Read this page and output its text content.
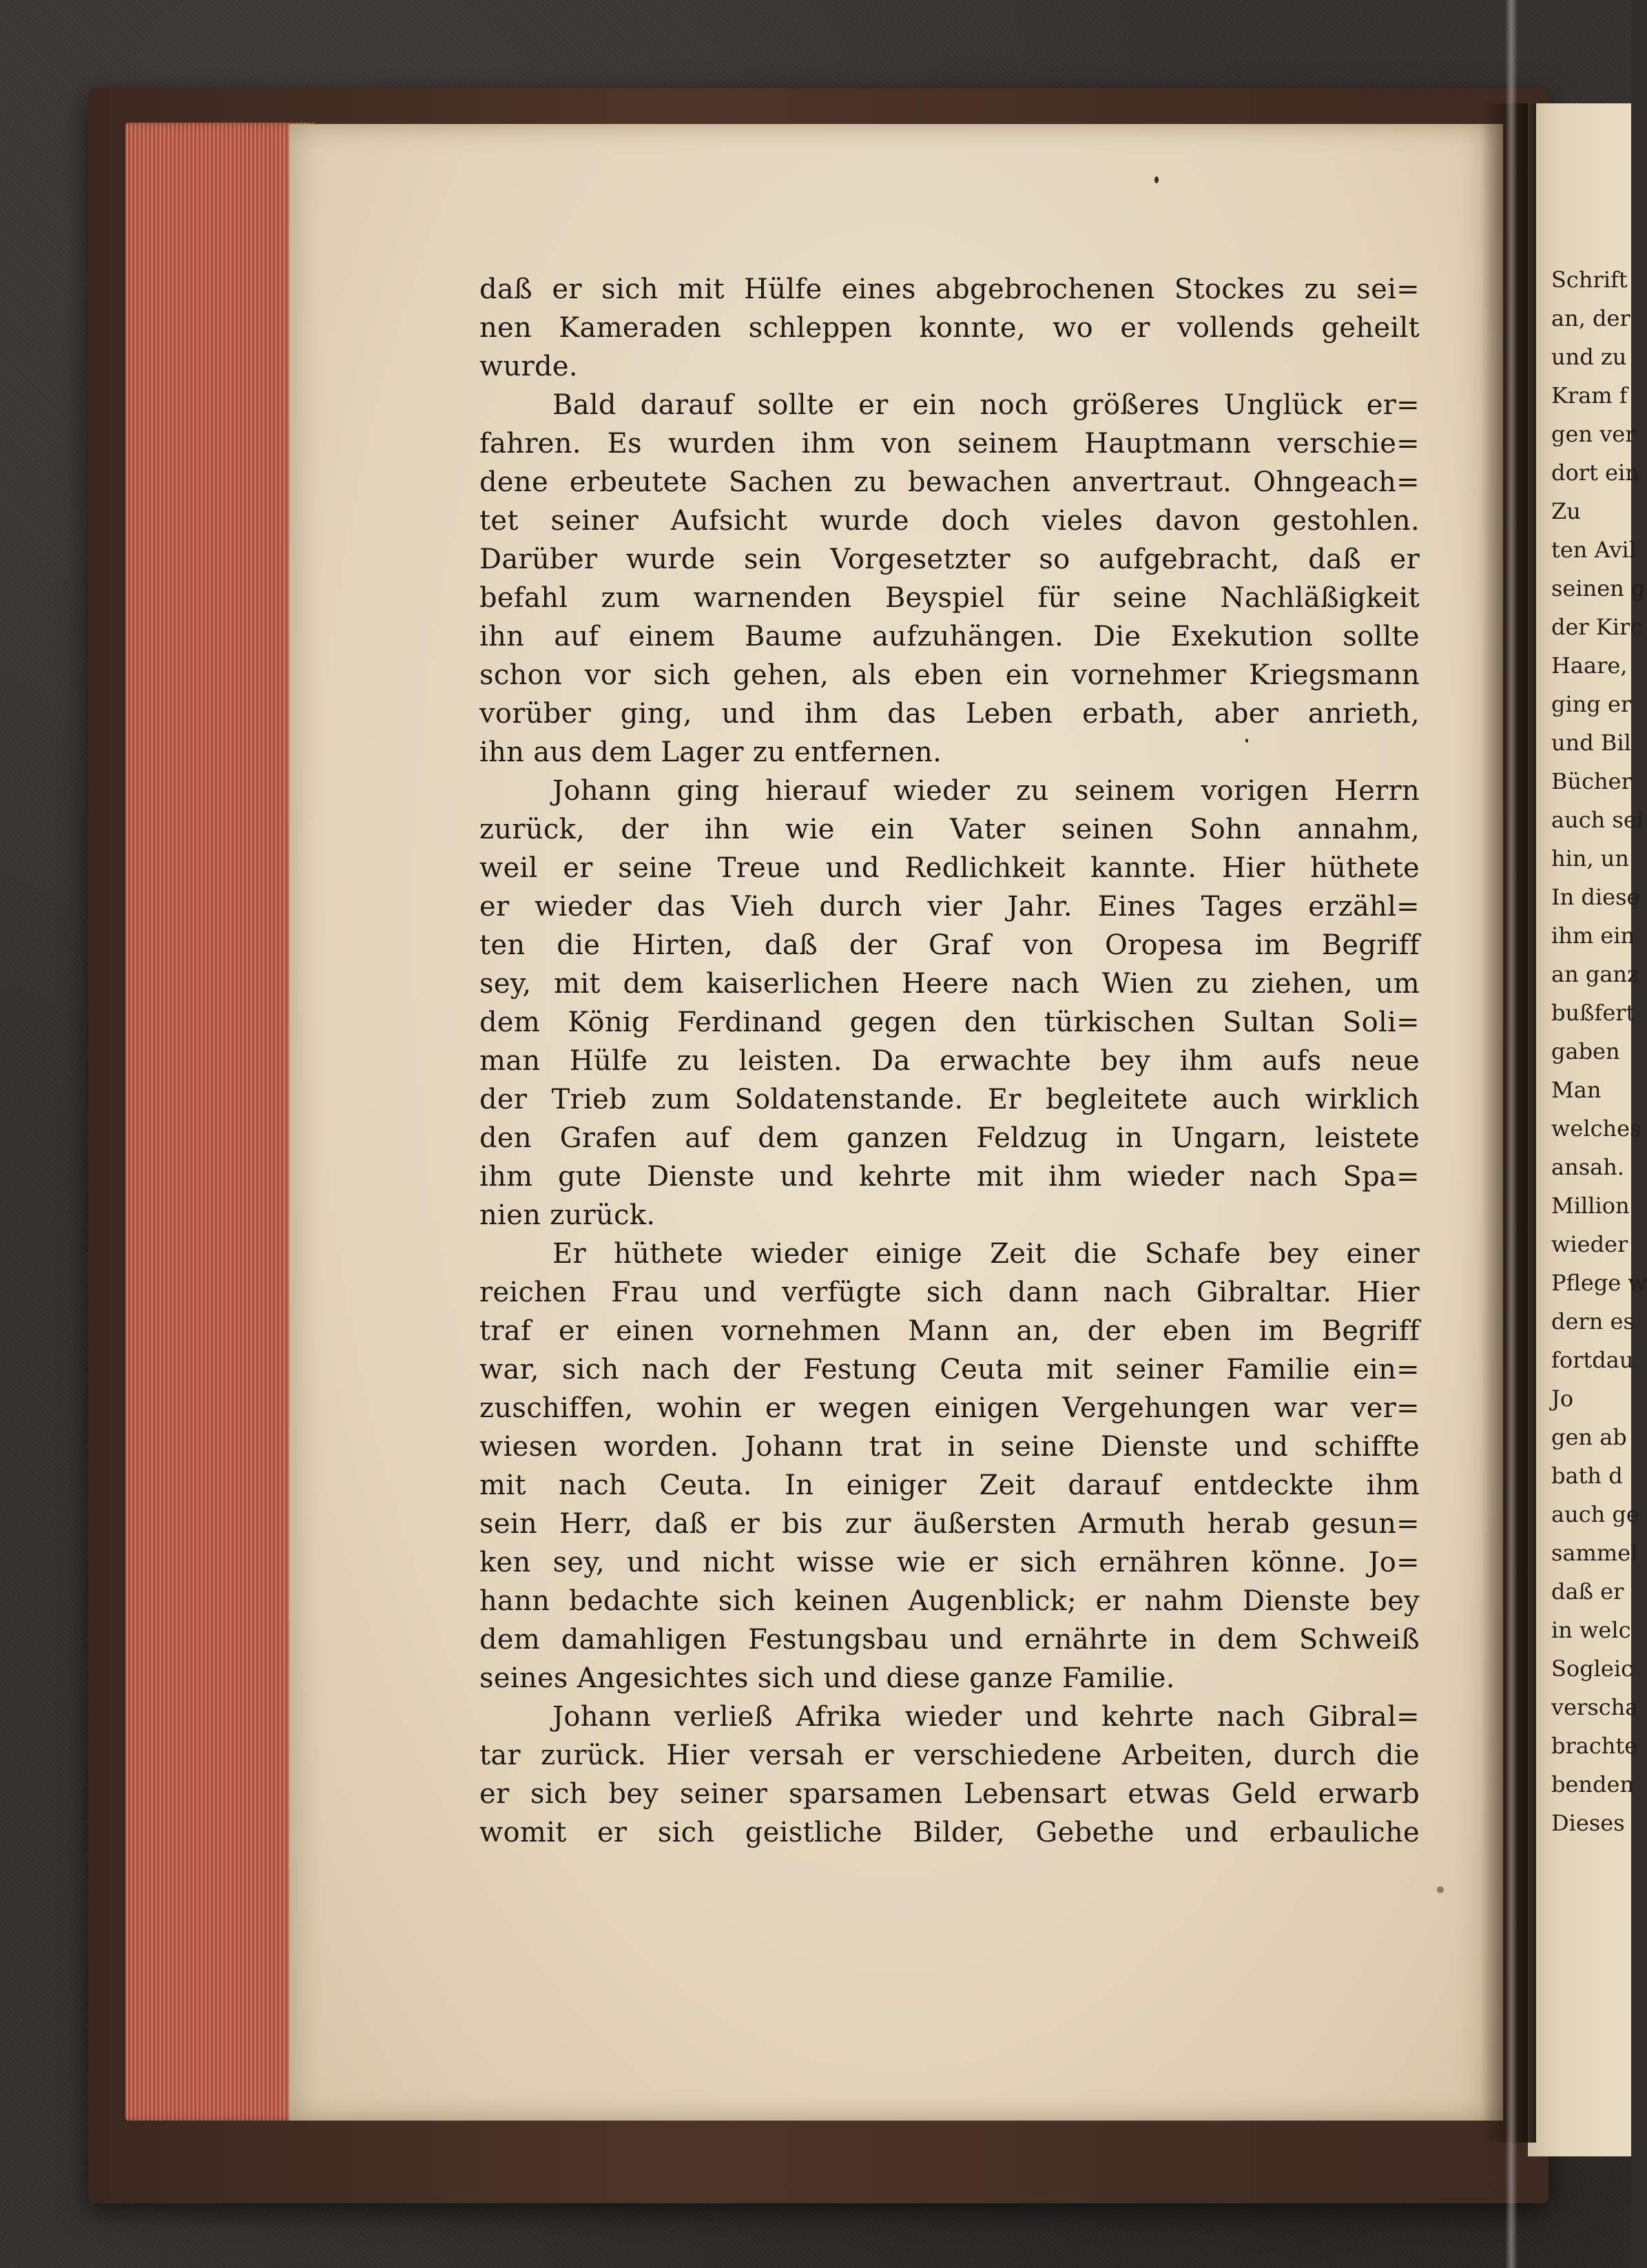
daß er sich mit Hülfe eines abgebrochenen Stockes zu sei=
nen Kameraden schleppen konnte, wo er vollends geheilt
wurde.
Bald darauf sollte er ein noch größeres Unglück er=
fahren. Es wurden ihm von seinem Hauptmann verschie=
dene erbeutete Sachen zu bewachen anvertraut. Ohngeach=
tet seiner Aufsicht wurde doch vieles davon gestohlen.
Darüber wurde sein Vorgesetzter so aufgebracht, daß er
befahl zum warnenden Beyspiel für seine Nachläßigkeit
ihn auf einem Baume aufzuhängen. Die Exekution sollte
schon vor sich gehen, als eben ein vornehmer Kriegsmann
vorüber ging, und ihm das Leben erbath, aber anrieth,
ihn aus dem Lager zu entfernen.
Johann ging hierauf wieder zu seinem vorigen Herrn
zurück, der ihn wie ein Vater seinen Sohn annahm,
weil er seine Treue und Redlichkeit kannte. Hier hüthete
er wieder das Vieh durch vier Jahr. Eines Tages erzähl=
ten die Hirten, daß der Graf von Oropesa im Begriff
sey, mit dem kaiserlichen Heere nach Wien zu ziehen, um
dem König Ferdinand gegen den türkischen Sultan Soli=
man Hülfe zu leisten. Da erwachte bey ihm aufs neue
der Trieb zum Soldatenstande. Er begleitete auch wirklich
den Grafen auf dem ganzen Feldzug in Ungarn, leistete
ihm gute Dienste und kehrte mit ihm wieder nach Spa=
nien zurück.
Er hüthete wieder einige Zeit die Schafe bey einer
reichen Frau und verfügte sich dann nach Gibraltar. Hier
traf er einen vornehmen Mann an, der eben im Begriff
war, sich nach der Festung Ceuta mit seiner Familie ein=
zuschiffen, wohin er wegen einigen Vergehungen war ver=
wiesen worden. Johann trat in seine Dienste und schiffte
mit nach Ceuta. In einiger Zeit darauf entdeckte ihm
sein Herr, daß er bis zur äußersten Armuth herab gesun=
ken sey, und nicht wisse wie er sich ernähren könne. Jo=
hann bedachte sich keinen Augenblick; er nahm Dienste bey
dem damahligen Festungsbau und ernährte in dem Schweiß
seines Angesichtes sich und diese ganze Familie.
Johann verließ Afrika wieder und kehrte nach Gibral=
tar zurück. Hier versah er verschiedene Arbeiten, durch die
er sich bey seiner sparsamen Lebensart etwas Geld erwarb
womit er sich geistliche Bilder, Gebethe und erbauliche
Schrift
an, der
und zu
Kram f
gen ver
dort ein
Zu
ten Avil
seinen g
der Kirc
Haare,
ging er
und Bil
Bücher
auch sei
hin, un
In diese
ihm ein
an ganz
bußfert
gaben
Man
welches
ansah.
Million
wieder
Pflege w
dern es
fortdau
Jo
gen ab
bath d
auch ge
sammel
daß er
in welc
Sogleic
verscha
brachte
benden
Dieses
